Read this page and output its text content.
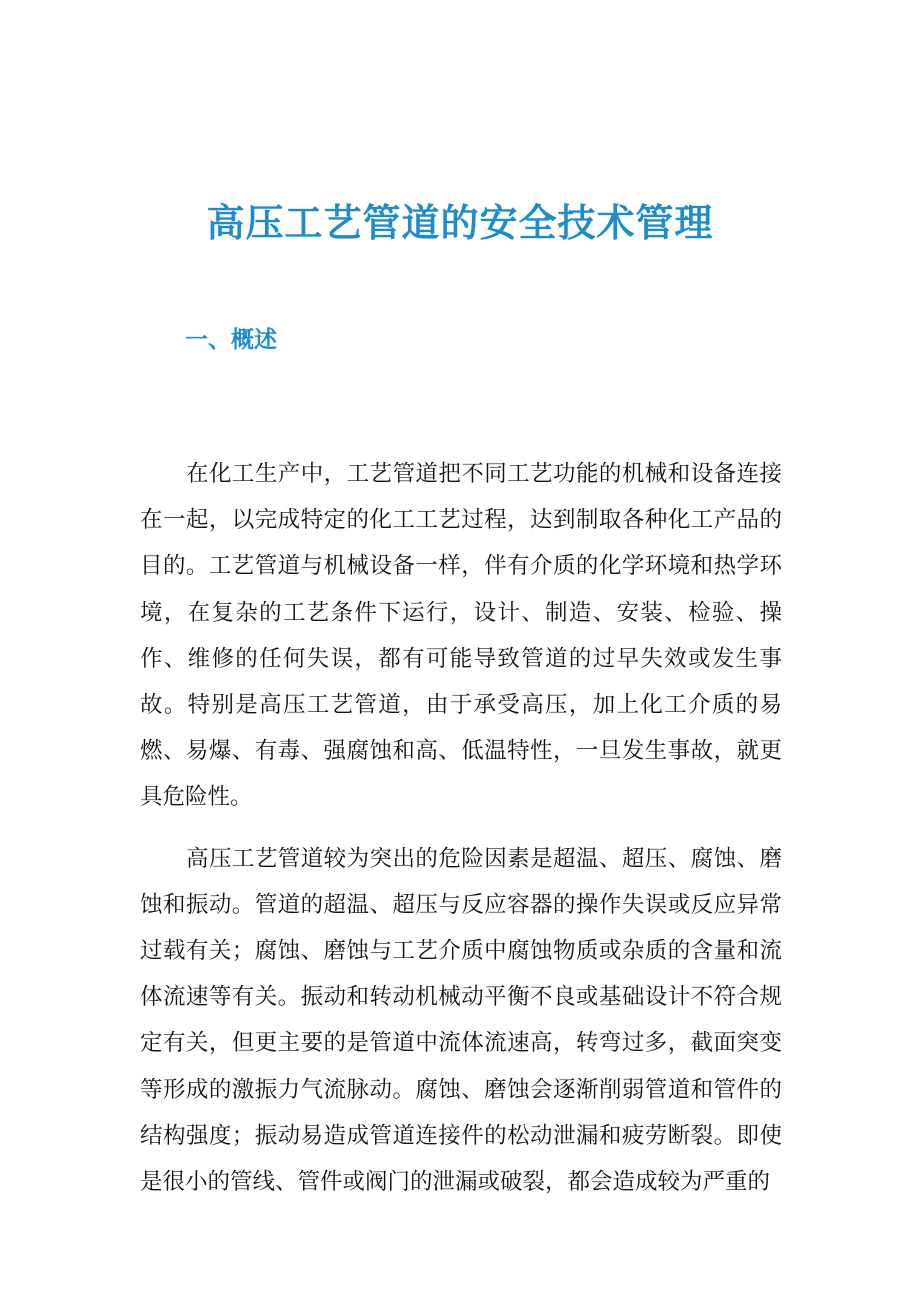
高压工艺管道的安全技术管理
一、概述

在化工生产中，工艺管道把不同工艺功能的机械和设备连接在一起，以完成特定的化工工艺过程，达到制取各种化工产品的目的。工艺管道与机械设备一样，伴有介质的化学环境和热学环境，在复杂的工艺条件下运行，设计、制造、安装、检验、操作、维修的任何失误，都有可能导致管道的过早失效或发生事故。特别是高压工艺管道，由于承受高压，加上化工介质的易燃、易爆、有毒、强腐蚀和高、低温特性，一旦发生事故，就更具危险性。

高压工艺管道较为突出的危险因素是超温、超压、腐蚀、磨蚀和振动。管道的超温、超压与反应容器的操作失误或反应异常过载有关；腐蚀、磨蚀与工艺介质中腐蚀物质或杂质的含量和流体流速等有关。振动和转动机械动平衡不良或基础设计不符合规定有关，但更主要的是管道中流体流速高，转弯过多，截面突变等形成的激振力气流脉动。腐蚀、磨蚀会逐渐削弱管道和管件的结构强度；振动易造成管道连接件的松动泄漏和疲劳断裂。即使是很小的管线、管件或阀门的泄漏或破裂，都会造成较为严重的
